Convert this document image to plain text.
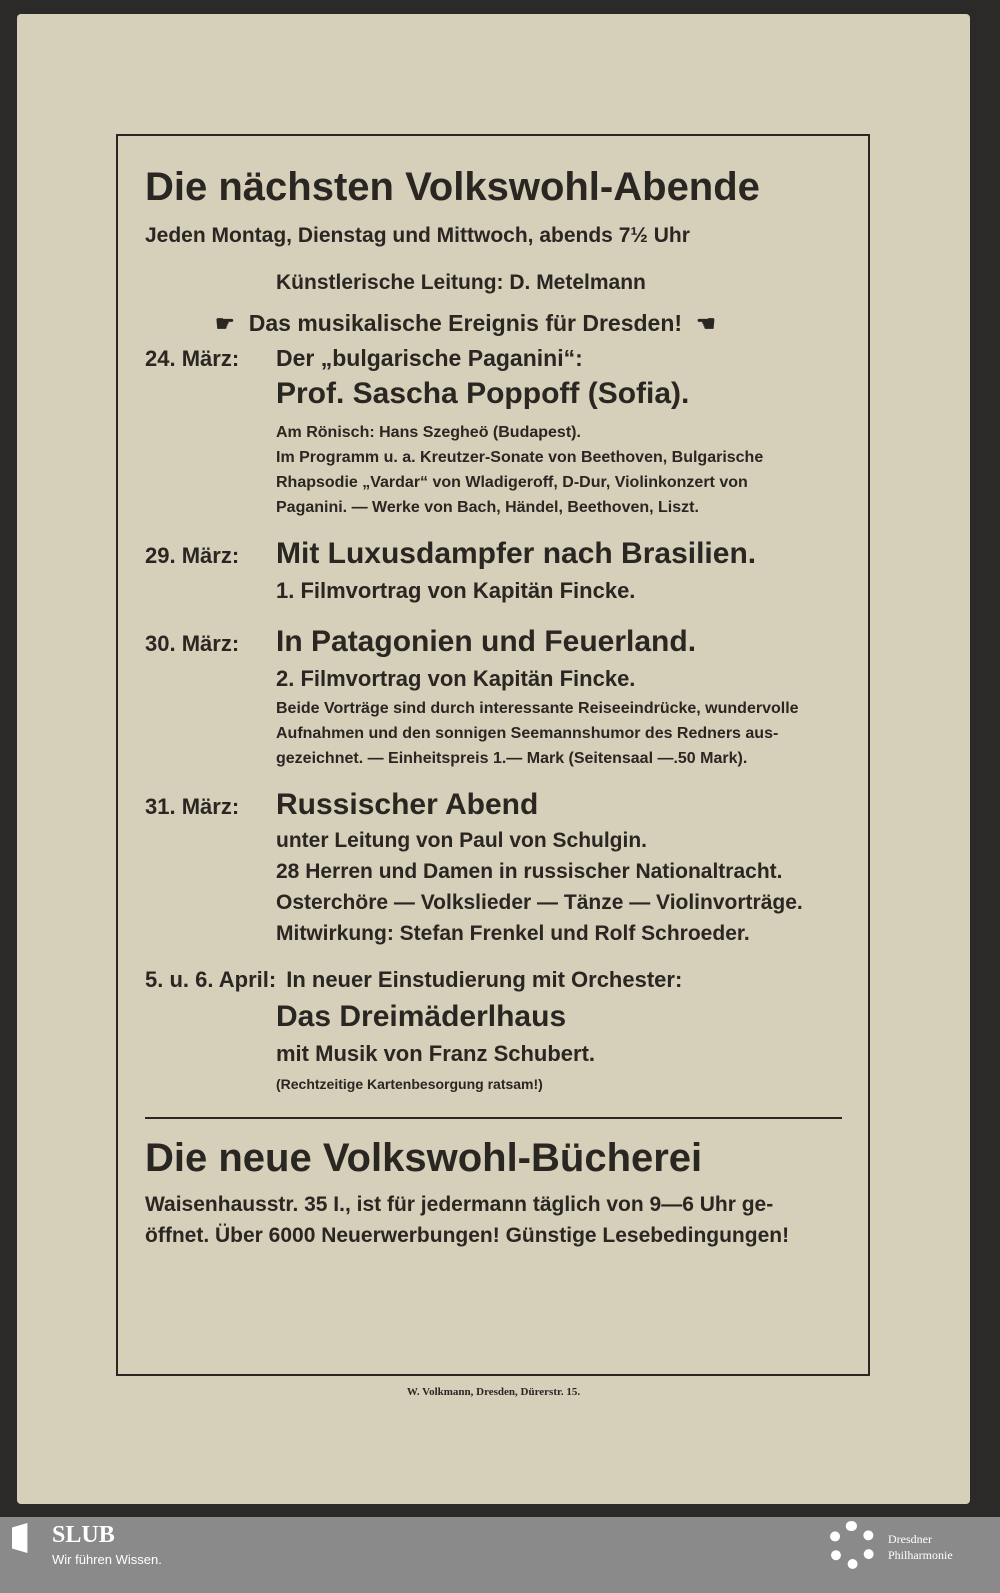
Die nächsten Volkswohl-Abende
Jeden Montag, Dienstag und Mittwoch, abends 7½ Uhr
Künstlerische Leitung: D. Metelmann
☛ Das musikalische Ereignis für Dresden! ☚
24. März:	Der „bulgarische Paganini“:
Prof. Sascha Poppoff (Sofia).
Am Rönisch: Hans Szegheö (Budapest).
Im Programm u. a. Kreutzer-Sonate von Beethoven, Bulgarische
Rhapsodie „Vardar“ von Wladigeroff, D-Dur, Violinkonzert von
Paganini. — Werke von Bach, Händel, Beethoven, Liszt.
29. März:	Mit Luxusdampfer nach Brasilien.
1. Filmvortrag von Kapitän Fincke.
30. März:	In Patagonien und Feuerland.
2. Filmvortrag von Kapitän Fincke.
Beide Vorträge sind durch interessante Reiseeindrücke, wundervolle
Aufnahmen und den sonnigen Seemannshumor des Redners aus-
gezeichnet. — Einheitspreis 1.— Mark (Seitensaal —.50 Mark).
31. März:	Russischer Abend
unter Leitung von Paul von Schulgin.
28 Herren und Damen in russischer Nationaltracht.
Osterchöre — Volkslieder — Tänze — Violinvorträge.
Mitwirkung: Stefan Frenkel und Rolf Schroeder.
5. u. 6. April: In neuer Einstudierung mit Orchester:
Das Dreimäderlhaus
mit Musik von Franz Schubert.
(Rechtzeitige Kartenbesorgung ratsam!)
Die neue Volkswohl-Bücherei
Waisenhausstr. 35 I., ist für jedermann täglich von 9—6 Uhr ge-
öffnet. Über 6000 Neuerwerbungen! Günstige Lesebedingungen!
W. Volkmann, Dresden, Dürerstr. 15.
SLUB
Wir führen Wissen.
Dresdner
Philharmonie
